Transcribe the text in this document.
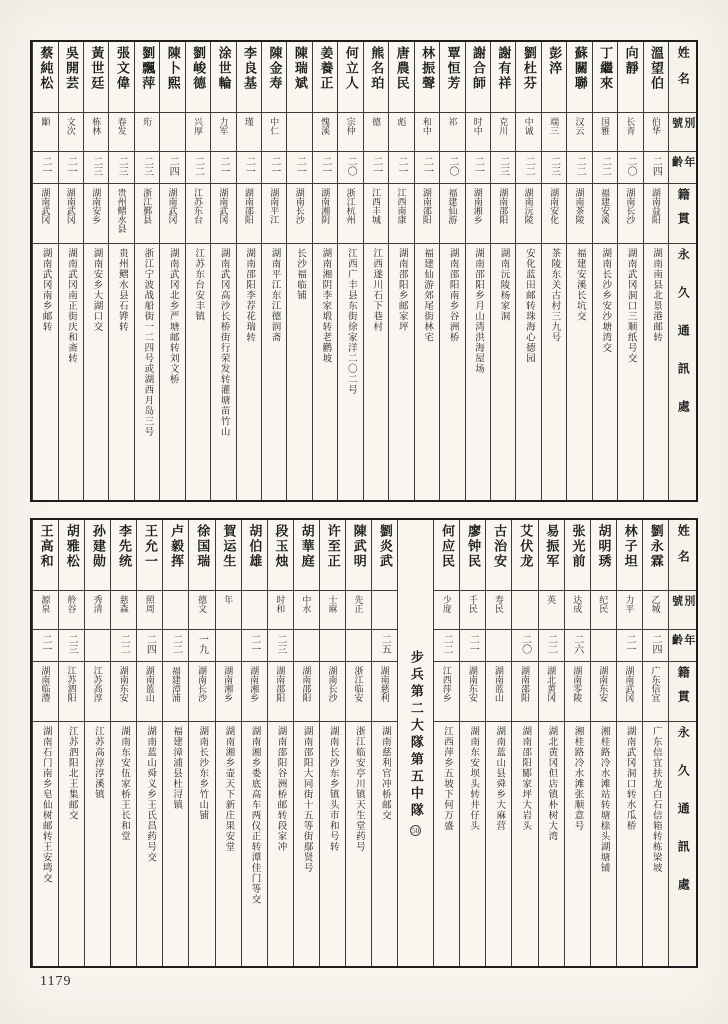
姓名
別號
年齡
籍貫
永久通訊處
溫望伯
伯华
二四
湖南益阳
湖南南县北景港邮转
向靜
长青
二〇
湖南长沙
湖南武冈洞口三顺纸号交
丁繼來
国雅
二二
福建安溪
湖南长沙乡安沙塘湾交
蘇關聯
汉云
二二
湖南茶陵
福建安溪长坑交
彭淬
端三
二三
湖南安化
茶陵东关古村三九号
劉杜芬
中诚
二二
湖南沅陵
安化蓝田邮转珠海心德园
謝有祥
克川
二三
湖南邵阳
湖南沅陵杨家洞
謝合師
时中
二一
湖南湘乡
湖南邵阳乡月山湾洪海屋场
覃恒芳
祁
二〇
福建仙游
湖南邵阳南乡谷洲桥
林振聲
和中
二一
湖南邵阳
福建仙游郊尾街林宅
唐農民
彪
二一
江西南康
湖南邵阳乡邮家坪
熊名珀
德
二一
江西丰城
江西遂川石下巷村
何立人
宗仲
二〇
浙江杭州
江西广丰县东街徐家洋二〇二号
姜養正
愧溪
二一
湖南湘阴
湖南湘阴李家塅转老鹳坡
陳瑞斌
二一
湖南长沙
长沙福临铺
陳金寿
中仁
二一
湖南平江
湖南平江东江德润斋
李良基
瑾
二一
湖南邵阳
湖南邵阳李荐花瑞转
涂世輪
力军
二一
湖南武冈
湖南武冈高沙长桥街行荣发转灌塘苗竹山
劉峻德
兴厚
二二
江苏东台
江苏东台安丰镇
陳卜熙
二四
湖南武冈
湖南武冈北乡严塘邮转刘文桥
劉飄萍
珩
二三
浙江鄞县
浙江宁波战船街一二四号或湖西月岛三号
張文偉
春发
二三
贵州鳛水县
贵州鳛水县石铧转
黃世廷
栋林
二三
湖南安乡
湖南安乡大湖口交
吳開芸
文次
二一
湖南武冈
湖南武冈南正街庆和斋转
蔡純松
顒
二一
湖南武冈
湖南武冈南乡邮转
姓名
別號
年齡
籍貫
永久通訊處
劉永霖
乙城
二四
广东信宜
广东信宜扶龙白石信箱转栋梁坡
林子坦
力平
二一
湖南武冈
湖南武冈洞口转水瓜桥
胡明琇
纪民
湖南东安
湘桂路冷水滩站转塘榇头湖塘铺
张光前
达成
二六
湖南零陵
湘桂路冷水滩张顺意号
易振军
英
二二
湖北黄冈
湖北黄冈但店镇朴树大湾
艾伏龙
二〇
湖南邵阳
湖南邵阳郾家坪大岩头
古治安
寿民
湖南蓝山
湖南蓝山县舜乡大麻营
廖钟民
千民
二一
湖南东安
湖南东安坝头转井仔头
何应民
少庞
二二
江西萍乡
江西萍乡五坡下何万盛
步兵第二大隊第五中隊
50
劉炎武
二五
湖南慈利
湖南慈利官冲桥邮交
陳武明
先正
浙江临安
浙江临安亭川镇天生堂药号
许至正
士麻
湖南长沙
湖南长沙东乡镇头市和号转
胡華庭
中水
湖南邵阳
湖南邵阳大同街十五等街鄢贤号
段玉烛
时和
二三
湖南邵阳
湖南邵阳谷洲桥邮转段家冲
胡伯雄
二一
湖南湘乡
湖南湘乡娄底高车两仪正转潭佳门等交
賀运生
年
湖南湘乡
湖南湘乡壶天下新庄果安堂
徐国瑞
德文
一九
湖南长沙
湖南长沙东乡竹山铺
卢毅挥
二二
福建漳浦
福建漳浦县杜浔镇
王允一
照周
二四
湖南蓝山
湖南蓝山舜义乡王氏昌药号交
李先统
慈森
二二
湖南东安
湖南东安伍家桥王长和堂
孙建勋
秀清
江苏高淳
江苏高淳淳溪镇
胡雅松
舲谷
二三
江苏泗阳
江苏泗阳北王集邮交
王高和
源泉
二一
湖南临澧
湖南石门南乡皂仙树邮转王安塆交
1179
